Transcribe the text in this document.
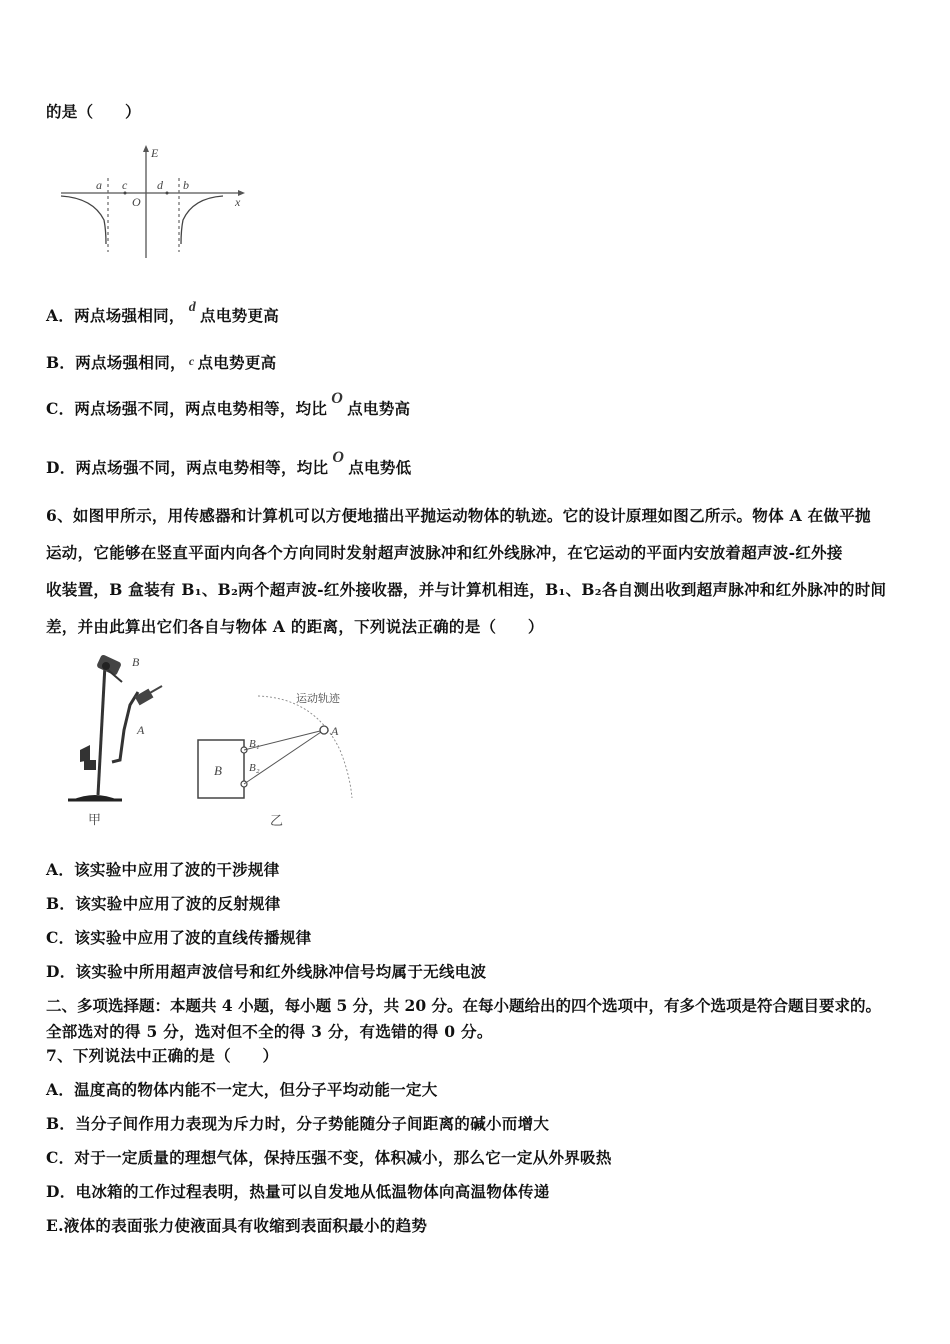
的是（　　）
E
x
O
a c d b
A．两点场强相同， d 点电势更高
B．两点场强相同， c 点电势更高
C．两点场强不同，两点电势相等，均比O点电势高
D．两点场强不同，两点电势相等，均比O点电势低
6、如图甲所示，用传感器和计算机可以方便地描出平抛运动物体的轨迹。它的设计原理如图乙所示。物体 A 在做平抛
运动，它能够在竖直平面内向各个方向同时发射超声波脉冲和红外线脉冲，在它运动的平面内安放着超声波-红外接
收装置，B 盒装有 B₁、B₂两个超声波-红外接收器，并与计算机相连，B₁、B₂各自测出收到超声脉冲和红外脉冲的时间
差，并由此算出它们各自与物体 A 的距离，下列说法正确的是（　　）
B
A
甲
运动轨迹
B
B₁
B₂
A
乙
A．该实验中应用了波的干涉规律
B．该实验中应用了波的反射规律
C．该实验中应用了波的直线传播规律
D．该实验中所用超声波信号和红外线脉冲信号均属于无线电波
二、多项选择题：本题共 4 小题，每小题 5 分，共 20 分。在每小题给出的四个选项中，有多个选项是符合题目要求的。
全部选对的得 5 分，选对但不全的得 3 分，有选错的得 0 分。
7、下列说法中正确的是（　　）
A．温度高的物体内能不一定大，但分子平均动能一定大
B．当分子间作用力表现为斥力时，分子势能随分子间距离的碱小而增大
C．对于一定质量的理想气体，保持压强不变，体积减小，那么它一定从外界吸热
D．电冰箱的工作过程表明，热量可以自发地从低温物体向高温物体传递
E.液体的表面张力使液面具有收缩到表面积最小的趋势
